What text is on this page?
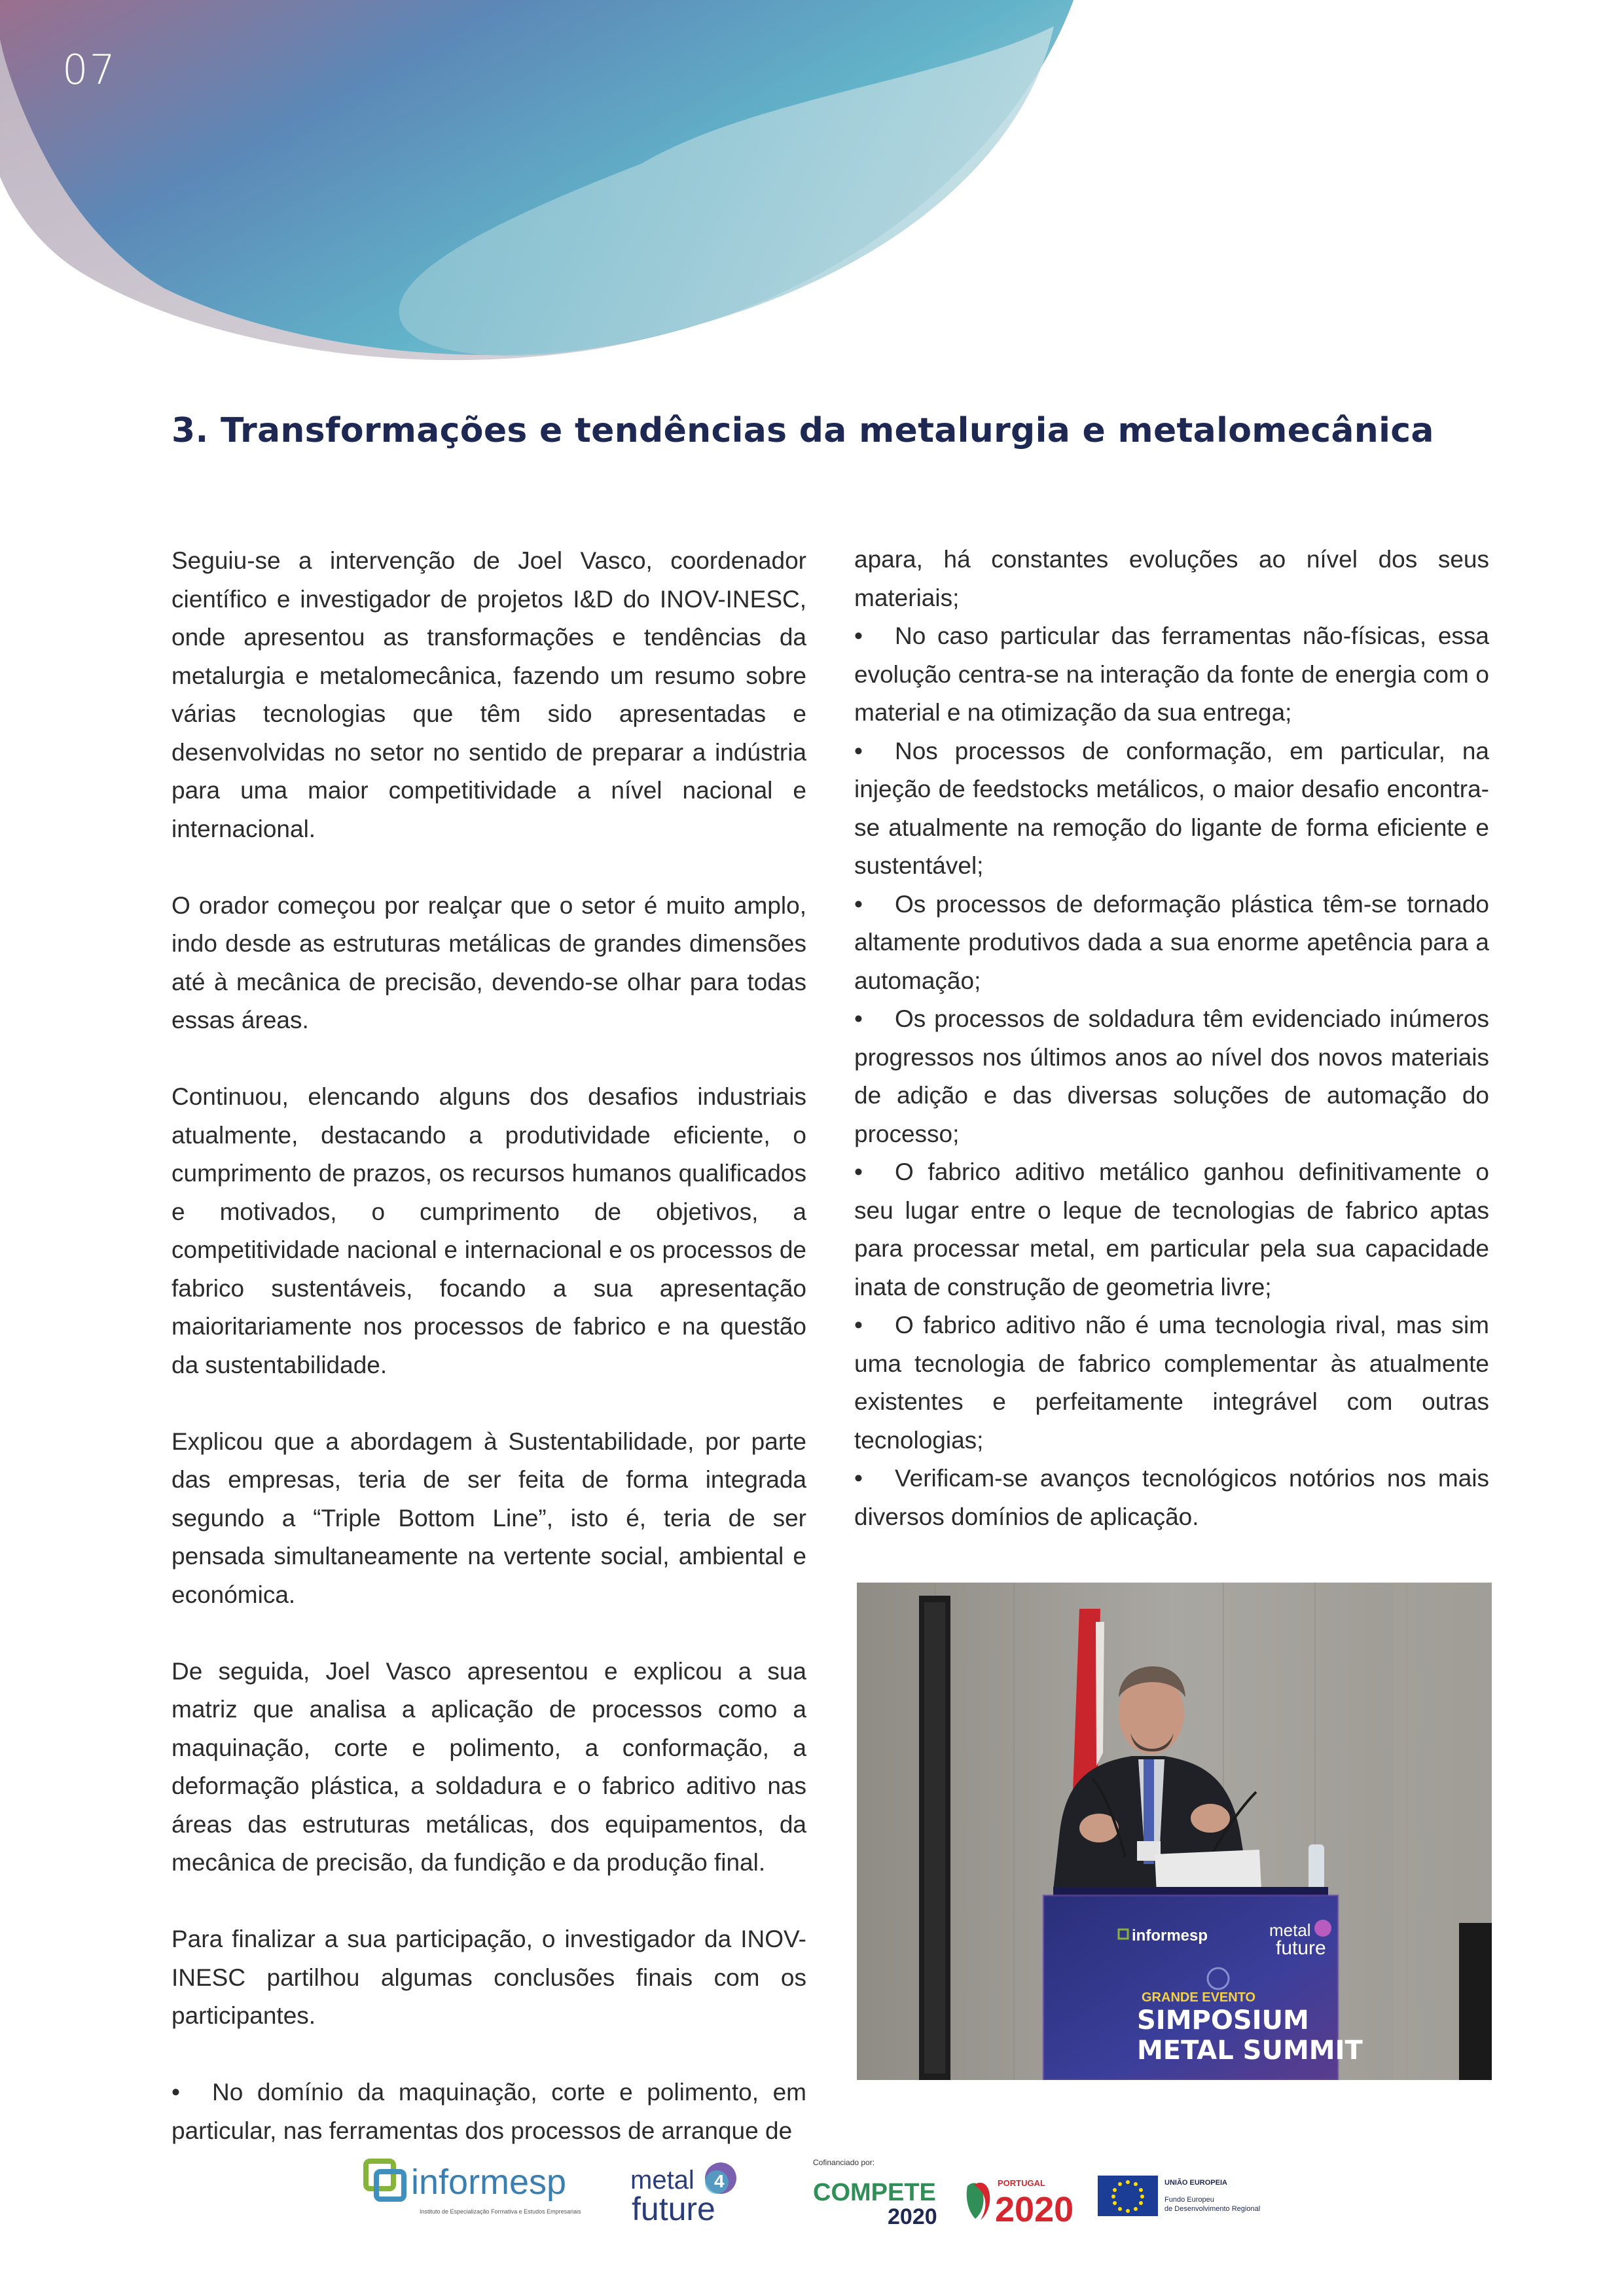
07
3. Transformações e tendências da metalurgia e metalomecânica

Seguiu-se a intervenção de Joel Vasco, coordenador científico e investigador de projetos I&D do INOV-INESC, onde apresentou as transformações e tendências da metalurgia e metalomecânica, fazendo um resumo sobre várias tecnologias que têm sido apresentadas e desenvolvidas no setor no sentido de preparar a indústria para uma maior competitividade a nível nacional e internacional.

O orador começou por realçar que o setor é muito amplo, indo desde as estruturas metálicas de grandes dimensões até à mecânica de precisão, devendo-se olhar para todas essas áreas.

Continuou, elencando alguns dos desafios industriais atualmente, destacando a produtividade eficiente, o cumprimento de prazos, os recursos humanos qualificados e motivados, o cumprimento de objetivos, a competitividade nacional e internacional e os processos de fabrico sustentáveis, focando a sua apresentação maioritariamente nos processos de fabrico e na questão da sustentabilidade.

Explicou que a abordagem à Sustentabilidade, por parte das empresas, teria de ser feita de forma integrada segundo a “Triple Bottom Line”, isto é, teria de ser pensada simultaneamente na vertente social, ambiental e económica.

De seguida, Joel Vasco apresentou e explicou a sua matriz que analisa a aplicação de processos como a maquinação, corte e polimento, a conformação, a deformação plástica, a soldadura e o fabrico aditivo nas áreas das estruturas metálicas, dos equipamentos, da mecânica de precisão, da fundição e da produção final.

Para finalizar a sua participação, o investigador da INOV-INESC partilhou algumas conclusões finais com os participantes.

• No domínio da maquinação, corte e polimento, em particular, nas ferramentas dos processos de arranque de
apara, há constantes evoluções ao nível dos seus materiais;
• No caso particular das ferramentas não-físicas, essa evolução centra-se na interação da fonte de energia com o material e na otimização da sua entrega;
• Nos processos de conformação, em particular, na injeção de feedstocks metálicos, o maior desafio encontra-se atualmente na remoção do ligante de forma eficiente e sustentável;
• Os processos de deformação plástica têm-se tornado altamente produtivos dada a sua enorme apetência para a automação;
• Os processos de soldadura têm evidenciado inúmeros progressos nos últimos anos ao nível dos novos materiais de adição e das diversas soluções de automação do processo;
• O fabrico aditivo metálico ganhou definitivamente o seu lugar entre o leque de tecnologias de fabrico aptas para processar metal, em particular pela sua capacidade inata de construção de geometria livre;
• O fabrico aditivo não é uma tecnologia rival, mas sim uma tecnologia de fabrico complementar às atualmente existentes e perfeitamente integrável com outras tecnologias;
• Verificam-se avanços tecnológicos notórios nos mais diversos domínios de aplicação.
informesp	metal
future
GRANDE EVENTO
SIMPOSIUM
METAL SUMMIT
informesp
Instituto de Especialização Formativa e Estudos Empresariais
metal 4
future
Cofinanciado por:
COMPETE
2020
PORTUGAL
2020
UNIÃO EUROPEIA
Fundo Europeu
de Desenvolvimento Regional
